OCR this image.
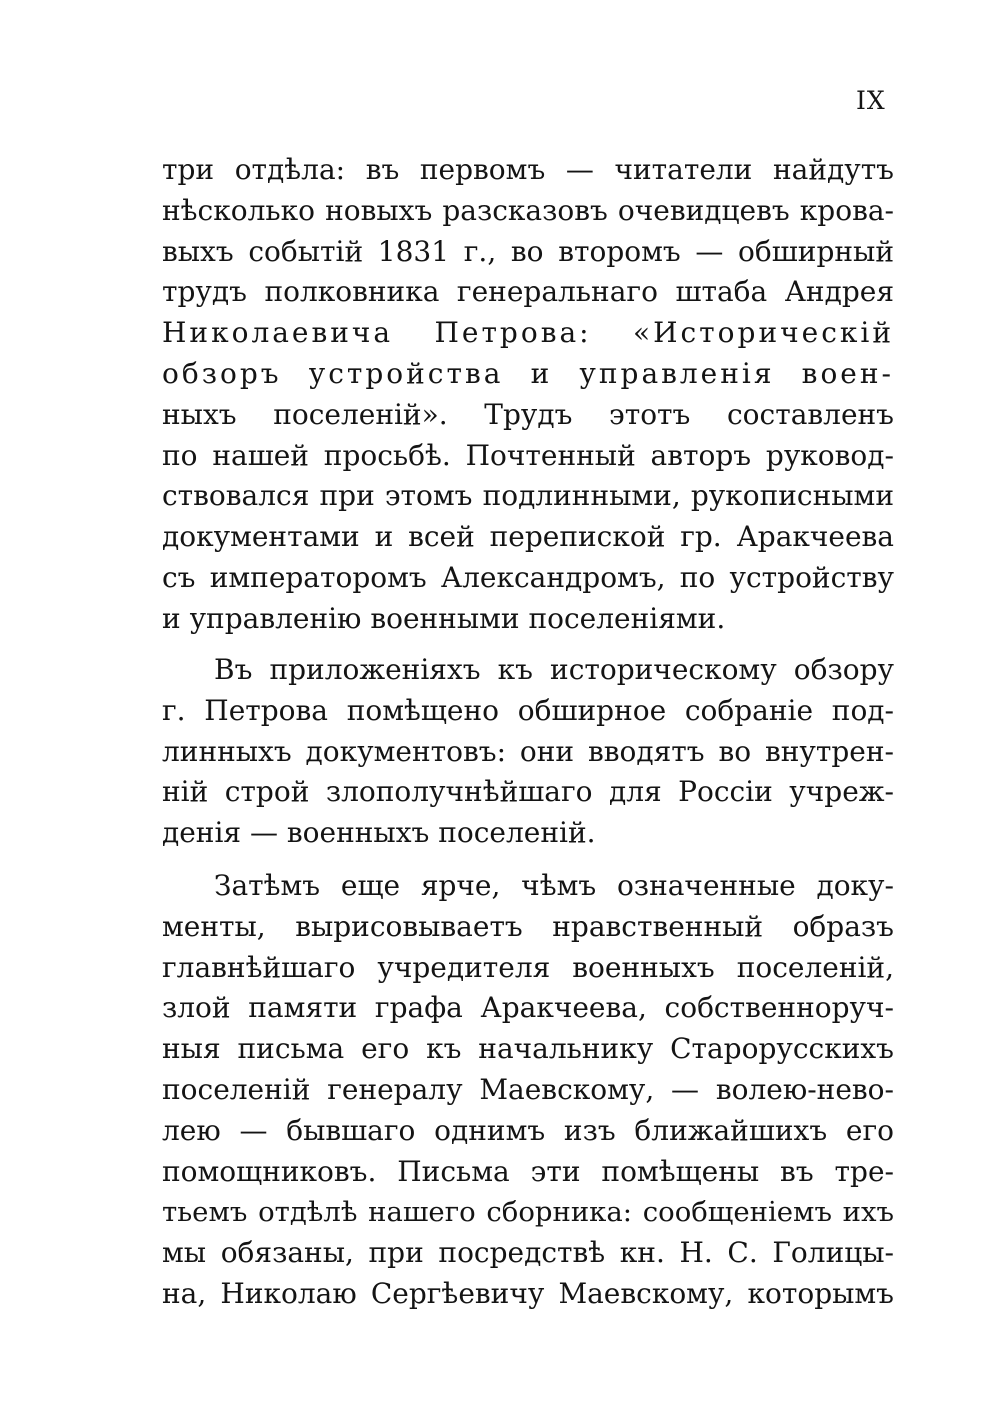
IX
три отдѣла: въ первомъ — читатели найдутъ
нѣсколько новыхъ разсказовъ очевидцевъ крова-
выхъ событій 1831 г., во второмъ — обширный
трудъ полковника генеральнаго штаба Андрея
Николаевича Петрова: «Историческій
обзоръ устройства и управленія воен-
ныхъ поселеній». Трудъ этотъ составленъ
по нашей просьбѣ. Почтенный авторъ руковод-
ствовался при этомъ подлинными, рукописными
документами и всей перепиской гр. Аракчеева
съ императоромъ Александромъ, по устройству
и управленію военными поселеніями.
Въ приложеніяхъ къ историческому обзору
г. Петрова помѣщено обширное собраніе под-
линныхъ документовъ: они вводятъ во внутрен-
ній строй злополучнѣйшаго для Россіи учреж-
денія — военныхъ поселеній.
Затѣмъ еще ярче, чѣмъ означенные доку-
менты, вырисовываетъ нравственный образъ
главнѣйшаго учредителя военныхъ поселеній,
злой памяти графа Аракчеева, собственноруч-
ныя письма его къ начальнику Старорусскихъ
поселеній генералу Маевскому, — волею-нево-
лею — бывшаго однимъ изъ ближайшихъ его
помощниковъ. Письма эти помѣщены въ тре-
тьемъ отдѣлѣ нашего сборника: сообщеніемъ ихъ
мы обязаны, при посредствѣ кн. Н. С. Голицы-
на, Николаю Сергѣевичу Маевскому, которымъ
